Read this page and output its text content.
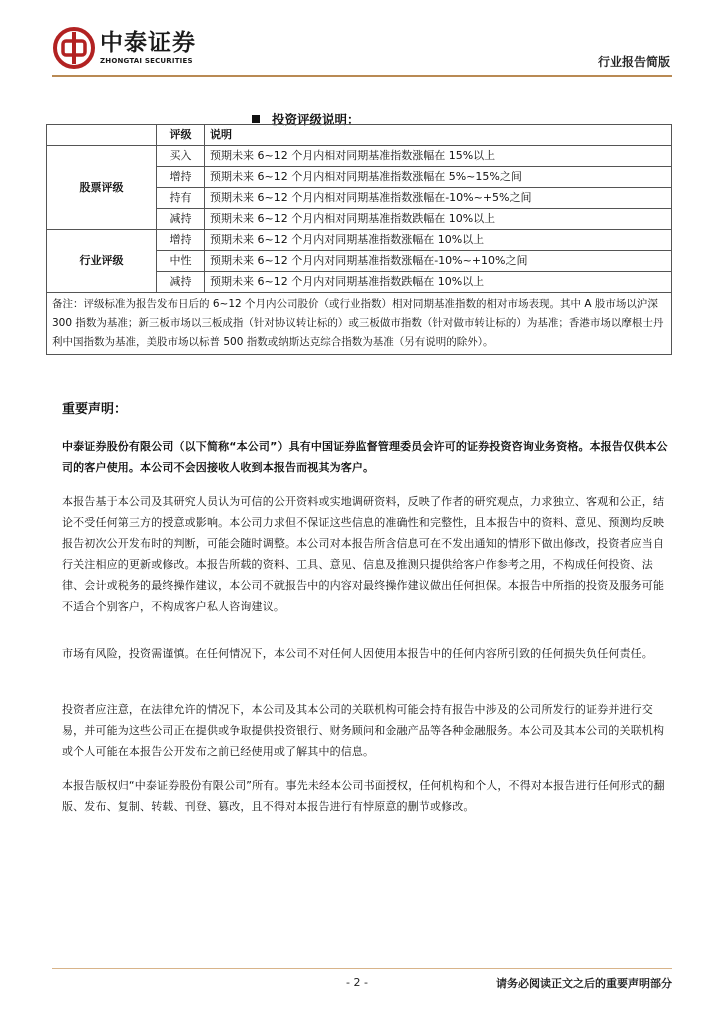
中泰证券
ZHONGTAI SECURITIES	行业报告简版
投资评级说明：
	评级	说明
股票评级	买入	预期未来 6~12 个月内相对同期基准指数涨幅在 15%以上
	增持	预期未来 6~12 个月内相对同期基准指数涨幅在 5%~15%之间
	持有	预期未来 6~12 个月内相对同期基准指数涨幅在-10%~+5%之间
	减持	预期未来 6~12 个月内相对同期基准指数跌幅在 10%以上
行业评级	增持	预期未来 6~12 个月内对同期基准指数涨幅在 10%以上
	中性	预期未来 6~12 个月内对同期基准指数涨幅在-10%~+10%之间
	减持	预期未来 6~12 个月内对同期基准指数跌幅在 10%以上
备注：评级标准为报告发布日后的 6~12 个月内公司股价（或行业指数）相对同期基准指数的相对市场表现。其中 A 股市场以沪深 300 指数为基准；新三板市场以三板成指（针对协议转让标的）或三板做市指数（针对做市转让标的）为基准；香港市场以摩根士丹利中国指数为基准，美股市场以标普 500 指数或纳斯达克综合指数为基准（另有说明的除外）。		
重要声明：
中泰证券股份有限公司（以下简称“本公司”）具有中国证券监督管理委员会许可的证券投资咨询业务资格。本报告仅供本公司的客户使用。本公司不会因接收人收到本报告而视其为客户。
本报告基于本公司及其研究人员认为可信的公开资料或实地调研资料，反映了作者的研究观点，力求独立、客观和公正，结论不受任何第三方的授意或影响。本公司力求但不保证这些信息的准确性和完整性，且本报告中的资料、意见、预测均反映报告初次公开发布时的判断，可能会随时调整。本公司对本报告所含信息可在不发出通知的情形下做出修改，投资者应当自行关注相应的更新或修改。本报告所载的资料、工具、意见、信息及推测只提供给客户作参考之用，不构成任何投资、法律、会计或税务的最终操作建议，本公司不就报告中的内容对最终操作建议做出任何担保。本报告中所指的投资及服务可能不适合个别客户，不构成客户私人咨询建议。
市场有风险，投资需谨慎。在任何情况下，本公司不对任何人因使用本报告中的任何内容所引致的任何损失负任何责任。
投资者应注意，在法律允许的情况下，本公司及其本公司的关联机构可能会持有报告中涉及的公司所发行的证券并进行交易，并可能为这些公司正在提供或争取提供投资银行、财务顾问和金融产品等各种金融服务。本公司及其本公司的关联机构或个人可能在本报告公开发布之前已经使用或了解其中的信息。
本报告版权归“中泰证券股份有限公司”所有。事先未经本公司书面授权，任何机构和个人，不得对本报告进行任何形式的翻版、发布、复制、转载、刊登、篡改，且不得对本报告进行有悖原意的删节或修改。
- 2 -	请务必阅读正文之后的重要声明部分
